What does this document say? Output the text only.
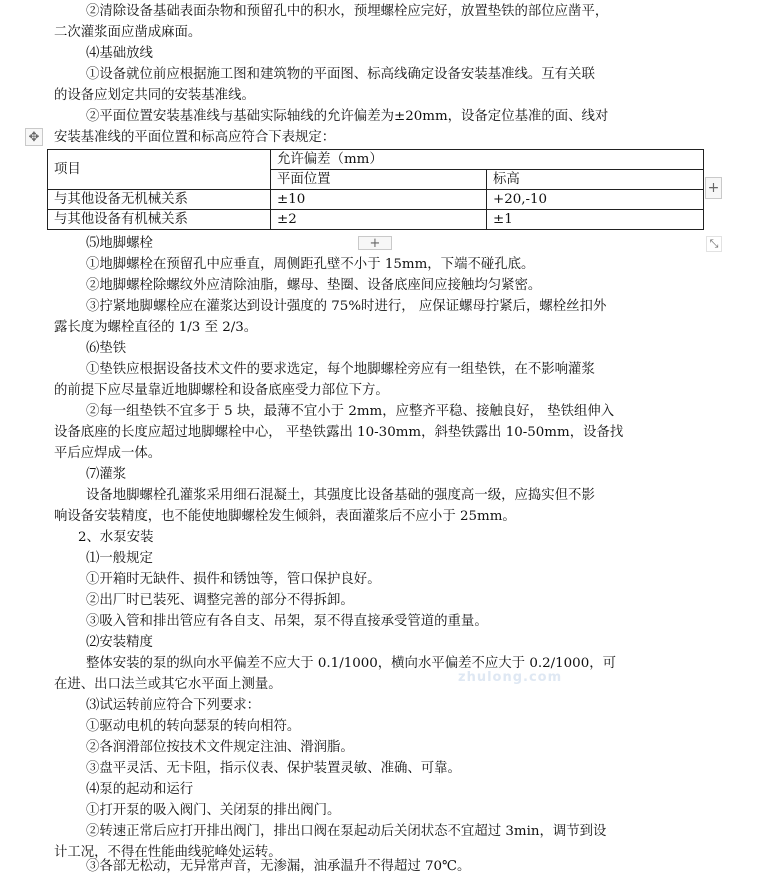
②清除设备基础表面杂物和预留孔中的积水，预埋螺栓应完好，放置垫铁的部位应凿平，
二次灌浆面应凿成麻面。
⑷基础放线
①设备就位前应根据施工图和建筑物的平面图、标高线确定设备安装基准线。互有关联
的设备应划定共同的安装基准线。
②平面位置安装基准线与基础实际轴线的允许偏差为±20mm，设备定位基准的面、线对
安装基准线的平面位置和标高应符合下表规定：
✥
项目	允许偏差（mm）	
	平面位置	标高
与其他设备无机械关系	±10	+20,-10
与其他设备有机械关系	±2	±1
+
+	⤡
⑸地脚螺栓
①地脚螺栓在预留孔中应垂直，周侧距孔壁不小于 15mm，下端不碰孔底。
②地脚螺栓除螺纹外应清除油脂，螺母、垫圈、设备底座间应接触均匀紧密。
③拧紧地脚螺栓应在灌浆达到设计强度的 75%时进行， 应保证螺母拧紧后，螺栓丝扣外
露长度为螺栓直径的 1/3 至 2/3。
⑹垫铁
①垫铁应根据设备技术文件的要求选定，每个地脚螺栓旁应有一组垫铁，在不影响灌浆
的前提下应尽量靠近地脚螺栓和设备底座受力部位下方。
②每一组垫铁不宜多于 5 块，最薄不宜小于 2mm，应整齐平稳、接触良好， 垫铁组伸入
设备底座的长度应超过地脚螺栓中心， 平垫铁露出 10-30mm，斜垫铁露出 10-50mm，设备找
平后应焊成一体。
⑺灌浆
设备地脚螺栓孔灌浆采用细石混凝土，其强度比设备基础的强度高一级，应捣实但不影
响设备安装精度，也不能使地脚螺栓发生倾斜，表面灌浆后不应小于 25mm。
2、水泵安装
⑴一般规定
①开箱时无缺件、损件和锈蚀等，管口保护良好。
②出厂时已装死、调整完善的部分不得拆卸。
③吸入管和排出管应有各自支、吊架，泵不得直接承受管道的重量。
⑵安装精度
整体安装的泵的纵向水平偏差不应大于 0.1/1000，横向水平偏差不应大于 0.2/1000，可
在进、出口法兰或其它水平面上测量。
⑶试运转前应符合下列要求：
①驱动电机的转向瑟泵的转向相符。
②各润滑部位按技术文件规定注油、滑润脂。
③盘平灵活、无卡阻，指示仪表、保护装置灵敏、准确、可靠。
⑷泵的起动和运行
①打开泵的吸入阀门、关闭泵的排出阀门。
②转速正常后应打开排出阀门，排出口阀在泵起动后关闭状态不宜超过 3min，调节到设
计工况，不得在性能曲线驼峰处运转。
③各部无松动，无异常声音，无渗漏，油承温升不得超过 70℃。
zhulong.com
